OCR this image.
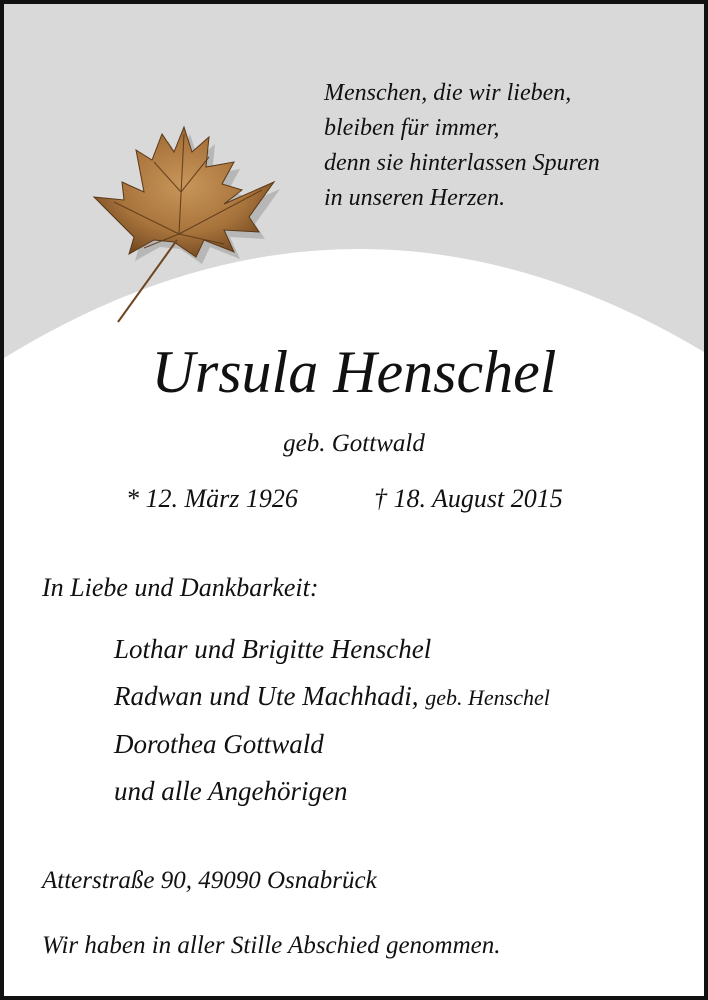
Menschen, die wir lieben,
bleiben für immer,
denn sie hinterlassen Spuren
in unseren Herzen.
Ursula Henschel
geb. Gottwald
* 12. März 1926	† 18. August 2015
In Liebe und Dankbarkeit:
Lothar und Brigitte Henschel
Radwan und Ute Machhadi, geb. Henschel
Dorothea Gottwald
und alle Angehörigen
Atterstraße 90, 49090 Osnabrück
Wir haben in aller Stille Abschied genommen.
